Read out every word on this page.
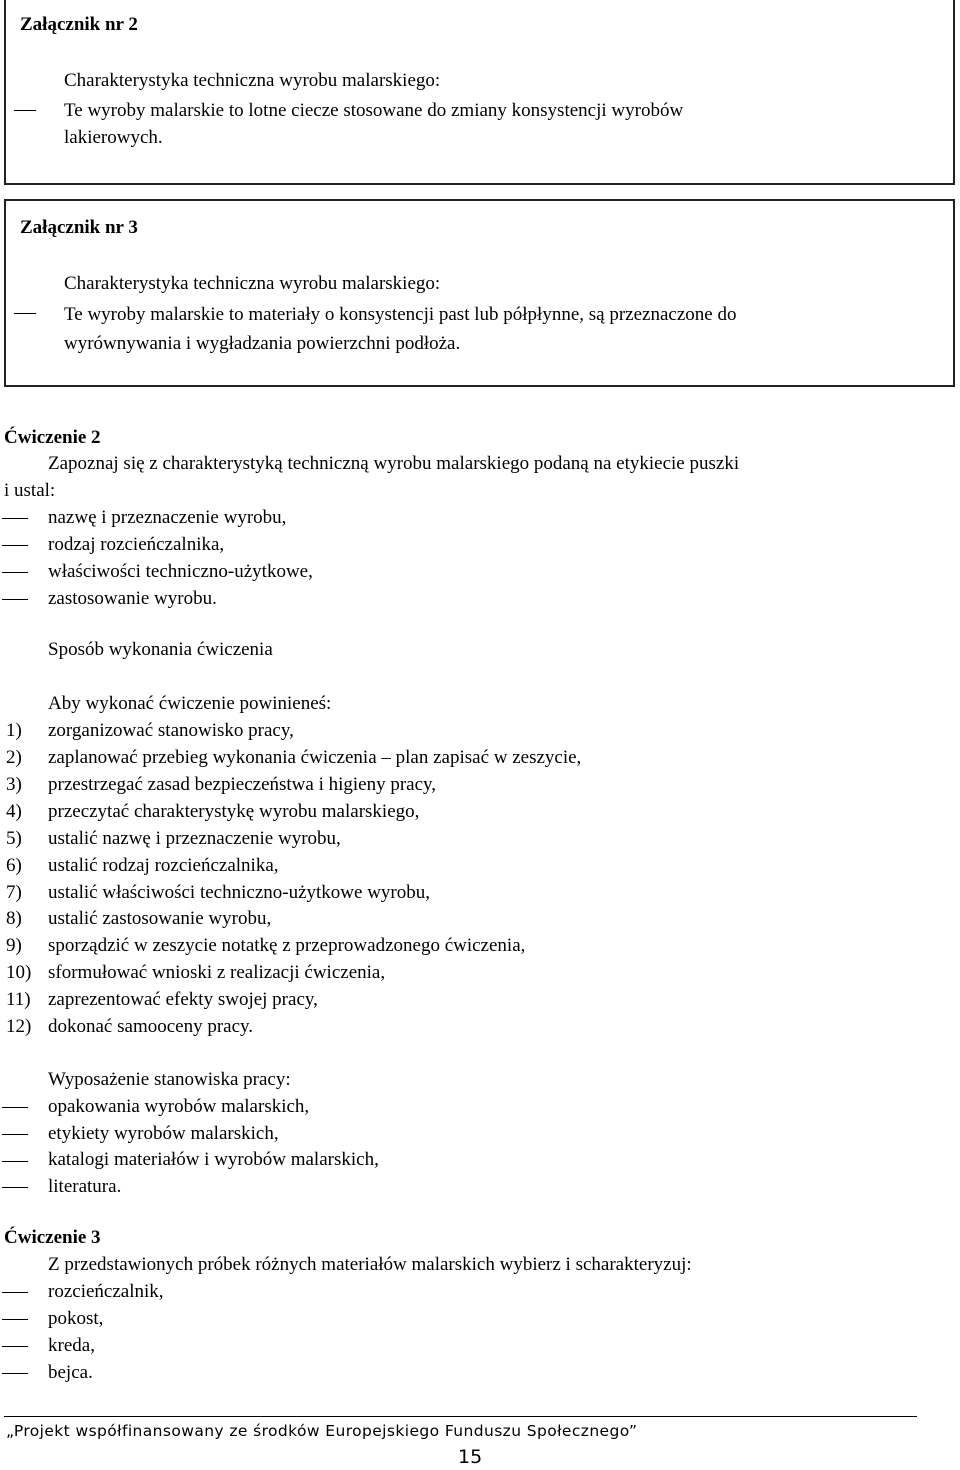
Załącznik nr 2
Charakterystyka techniczna wyrobu malarskiego:
Te wyroby malarskie to lotne ciecze stosowane do zmiany konsystencji wyrobów
lakierowych.
Załącznik nr 3
Charakterystyka techniczna wyrobu malarskiego:
Te wyroby malarskie to materiały o konsystencji past lub półpłynne, są przeznaczone do
wyrównywania i wygładzania powierzchni podłoża.
Ćwiczenie 2
Zapoznaj się z charakterystyką techniczną wyrobu malarskiego podaną na etykiecie puszki
i ustal:
nazwę i przeznaczenie wyrobu,
rodzaj rozcieńczalnika,
właściwości techniczno-użytkowe,
zastosowanie wyrobu.
Sposób wykonania ćwiczenia
Aby wykonać ćwiczenie powinieneś:
1) zorganizować stanowisko pracy,
2) zaplanować przebieg wykonania ćwiczenia – plan zapisać w zeszycie,
3) przestrzegać zasad bezpieczeństwa i higieny pracy,
4) przeczytać charakterystykę wyrobu malarskiego,
5) ustalić nazwę i przeznaczenie wyrobu,
6) ustalić rodzaj rozcieńczalnika,
7) ustalić właściwości techniczno-użytkowe wyrobu,
8) ustalić zastosowanie wyrobu,
9) sporządzić w zeszycie notatkę z przeprowadzonego ćwiczenia,
10) sformułować wnioski z realizacji ćwiczenia,
11) zaprezentować efekty swojej pracy,
12) dokonać samooceny pracy.
Wyposażenie stanowiska pracy:
opakowania wyrobów malarskich,
etykiety wyrobów malarskich,
katalogi materiałów i wyrobów malarskich,
literatura.
Ćwiczenie 3
Z przedstawionych próbek różnych materiałów malarskich wybierz i scharakteryzuj:
rozcieńczalnik,
pokost,
kreda,
bejca.
„Projekt współfinansowany ze środków Europejskiego Funduszu Społecznego”
15
